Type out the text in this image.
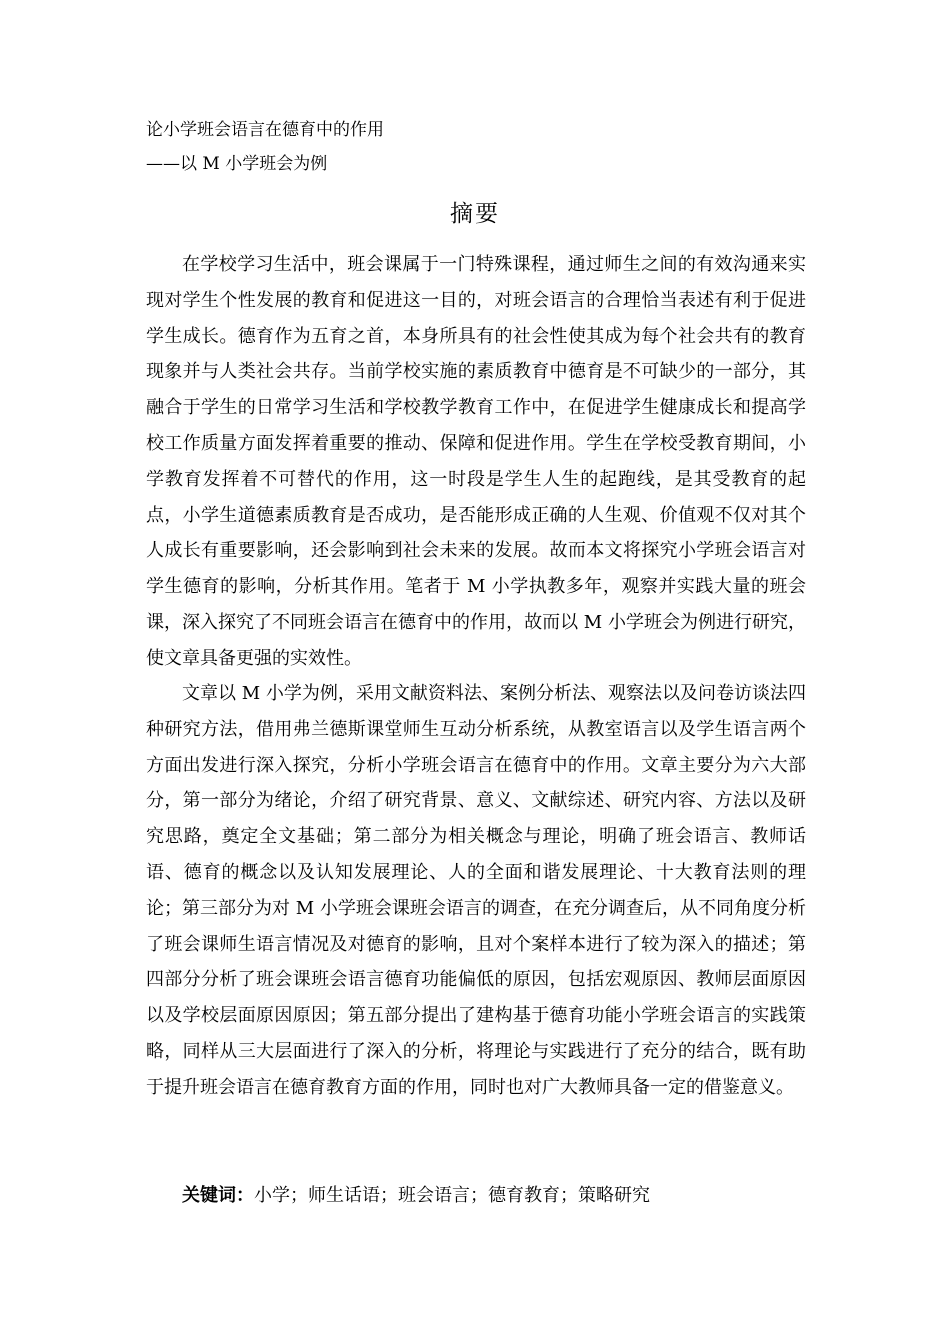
论小学班会语言在德育中的作用
——以 M 小学班会为例
摘要

在学校学习生活中，班会课属于一门特殊课程，通过师生之间的有效沟通来实现对学生个性发展的教育和促进这一目的，对班会语言的合理恰当表述有利于促进学生成长。德育作为五育之首，本身所具有的社会性使其成为每个社会共有的教育现象并与人类社会共存。当前学校实施的素质教育中德育是不可缺少的一部分，其融合于学生的日常学习生活和学校教学教育工作中，在促进学生健康成长和提高学校工作质量方面发挥着重要的推动、保障和促进作用。学生在学校受教育期间，小学教育发挥着不可替代的作用，这一时段是学生人生的起跑线，是其受教育的起点，小学生道德素质教育是否成功，是否能形成正确的人生观、价值观不仅对其个人成长有重要影响，还会影响到社会未来的发展。故而本文将探究小学班会语言对学生德育的影响，分析其作用。笔者于 M 小学执教多年，观察并实践大量的班会课，深入探究了不同班会语言在德育中的作用，故而以 M 小学班会为例进行研究，使文章具备更强的实效性。

文章以 M 小学为例，采用文献资料法、案例分析法、观察法以及问卷访谈法四种研究方法，借用弗兰德斯课堂师生互动分析系统，从教室语言以及学生语言两个方面出发进行深入探究，分析小学班会语言在德育中的作用。文章主要分为六大部分，第一部分为绪论，介绍了研究背景、意义、文献综述、研究内容、方法以及研究思路，奠定全文基础；第二部分为相关概念与理论，明确了班会语言、教师话语、德育的概念以及认知发展理论、人的全面和谐发展理论、十大教育法则的理论；第三部分为对 M 小学班会课班会语言的调查，在充分调查后，从不同角度分析了班会课师生语言情况及对德育的影响，且对个案样本进行了较为深入的描述；第四部分分析了班会课班会语言德育功能偏低的原因，包括宏观原因、教师层面原因以及学校层面原因原因；第五部分提出了建构基于德育功能小学班会语言的实践策略，同样从三大层面进行了深入的分析，将理论与实践进行了充分的结合，既有助于提升班会语言在德育教育方面的作用，同时也对广大教师具备一定的借鉴意义。

关键词：小学；师生话语；班会语言；德育教育；策略研究
